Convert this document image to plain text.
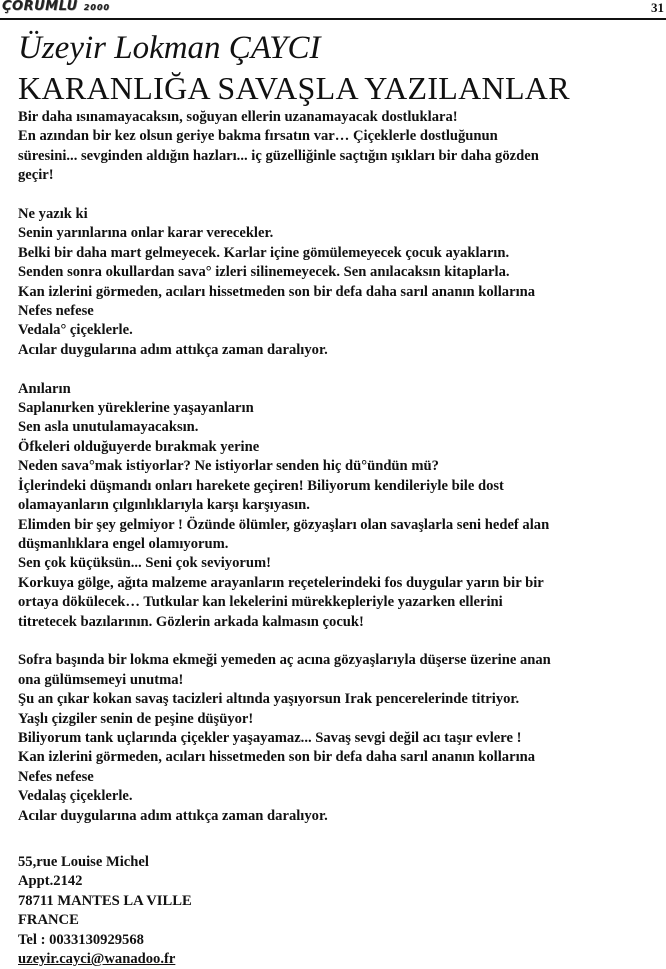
ÇORUMLU 2000	31
Üzeyir Lokman ÇAYCI
KARANLIĞA SAVAŞLA YAZILANLAR
Bir daha ısınamayacaksın, soğuyan ellerin uzanamayacak dostluklara!
En azından bir kez olsun geriye bakma fırsatın var… Çiçeklerle dostluğunun
süresini... sevginden aldığın hazları... iç güzelliğinle saçtığın ışıkları bir daha gözden
geçir!
Ne yazık ki
Senin yarınlarına onlar karar verecekler.
Belki bir daha mart gelmeyecek. Karlar içine gömülemeyecek çocuk ayakların.
Senden sonra okullardan sava° izleri silinemeyecek. Sen anılacaksın kitaplarla.
Kan izlerini görmeden, acıları hissetmeden son bir defa daha sarıl ananın kollarına
Nefes nefese
Vedala° çiçeklerle.
Acılar duygularına adım attıkça zaman daralıyor.
Anıların
Saplanırken yüreklerine yaşayanların
Sen asla unutulamayacaksın.
Öfkeleri olduğuyerde bırakmak yerine
Neden sava°mak istiyorlar? Ne istiyorlar senden hiç dü°ündün mü?
İçlerindeki düşmandı onları harekete geçiren! Biliyorum kendileriyle bile dost
olamayanların çılgınlıklarıyla karşı karşıyasın.
Elimden bir şey gelmiyor ! Özünde ölümler, gözyaşları olan savaşlarla seni hedef alan
düşmanlıklara engel olamıyorum.
Sen çok küçüksün... Seni çok seviyorum!
Korkuya gölge, ağıta malzeme arayanların reçetelerindeki fos duygular yarın bir bir
ortaya dökülecek… Tutkular kan lekelerini mürekkepleriyle yazarken ellerini
titretecek bazılarının. Gözlerin arkada kalmasın çocuk!
Sofra başında bir lokma ekmeği yemeden aç acına gözyaşlarıyla düşerse üzerine anan
ona gülümsemeyi unutma!
Şu an çıkar kokan savaş tacizleri altında yaşıyorsun Irak pencerelerinde titriyor.
Yaşlı çizgiler senin de peşine düşüyor!
Biliyorum tank uçlarında çiçekler yaşayamaz... Savaş sevgi değil acı taşır evlere !
Kan izlerini görmeden, acıları hissetmeden son bir defa daha sarıl ananın kollarına
Nefes nefese
Vedalaş çiçeklerle.
Acılar duygularına adım attıkça zaman daralıyor.
55,rue Louise Michel
Appt.2142
78711 MANTES LA VILLE
FRANCE
Tel : 0033130929568
uzeyir.cayci@wanadoo.fr
